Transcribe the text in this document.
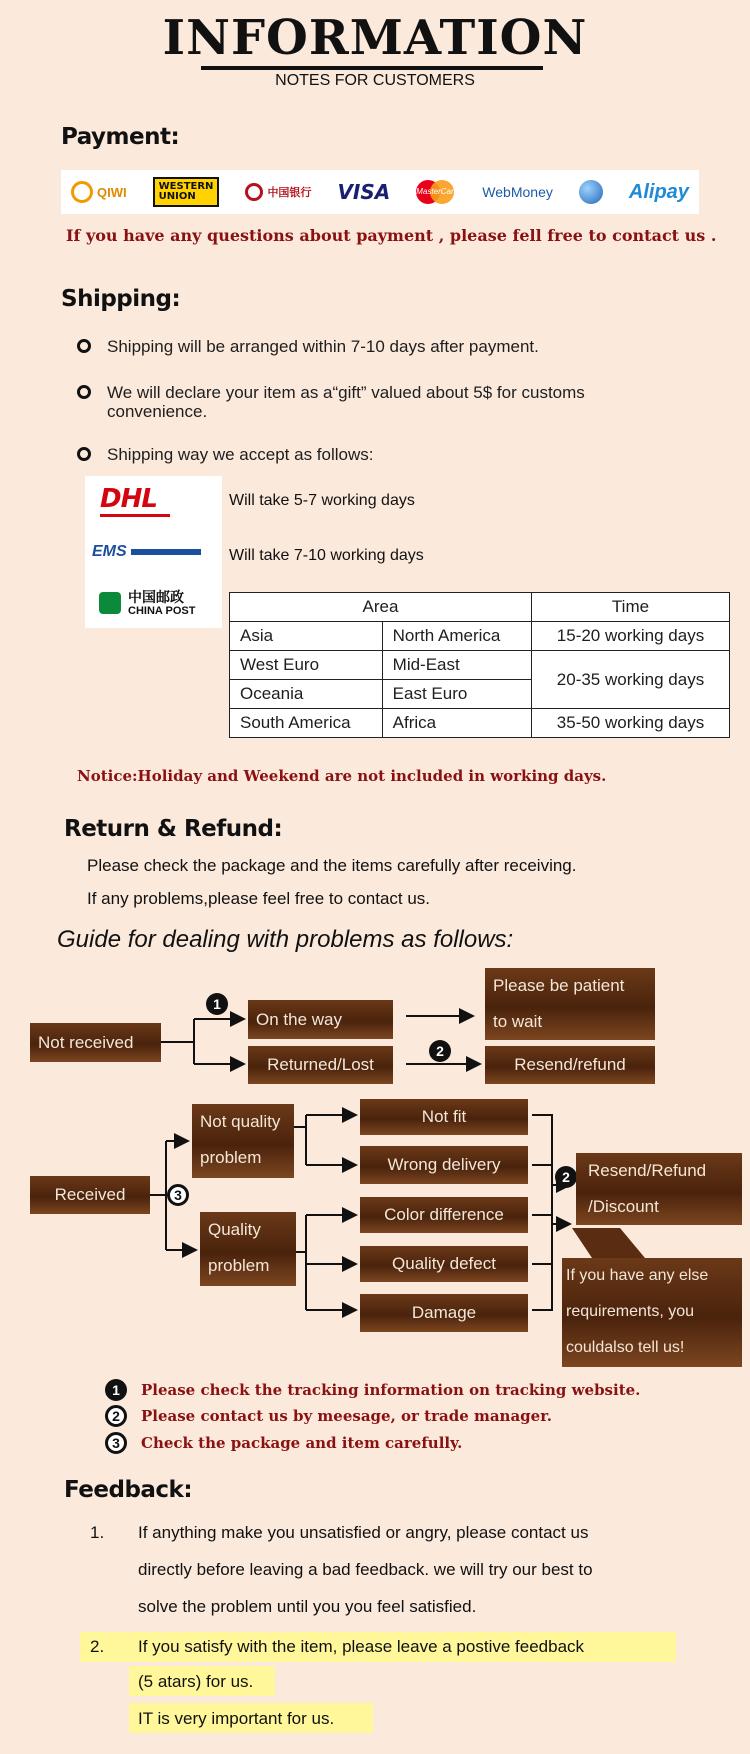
INFORMATION
NOTES FOR CUSTOMERS
Payment:
QIWI	WESTERN
UNION	中国银行 VISA	MasterCard WebMoney	Alipay
If you have any questions about payment , please fell free to contact us .
Shipping:
Shipping will be arranged within 7-10 days after payment.
We will declare your item as a“gift” valued about 5$ for customs convenience.
Shipping way we accept as follows:
DHL
EMS
中国邮政
CHINA POST
Will take 5-7 working days
Will take 7-10 working days
Area		Time
Asia	North America	15-20 working days
West Euro	Mid-East	20-35 working days
Oceania	East Euro	
South America	Africa	35-50 working days
Notice:Holiday and Weekend are not included in working days.
Return & Refund:
Please check the package and the items carefully after receiving.
If any problems,please feel free to contact us.
Guide for dealing with problems as follows:
Not received
On the way
Returned/Lost
Please be patient
to wait
Resend/refund
1
2
Received	3
Not quality
problem
Quality
problem
Not fit
Wrong delivery
Color difference
Quality defect
Damage
2	Resend/Refund
/Discount
If you have any else
requirements, you
couldalso tell us!
1	Please check the tracking information on tracking website.
2	Please contact us by meesage, or trade manager.
3	Check the package and item carefully.
Feedback:
1. If anything make you unsatisfied or angry, please contact us
directly before leaving a bad feedback. we will try our best to
solve the problem until you you feel satisfied.
2. If you satisfy with the item, please leave a postive feedback
(5 atars) for us.
IT is very important for us.
